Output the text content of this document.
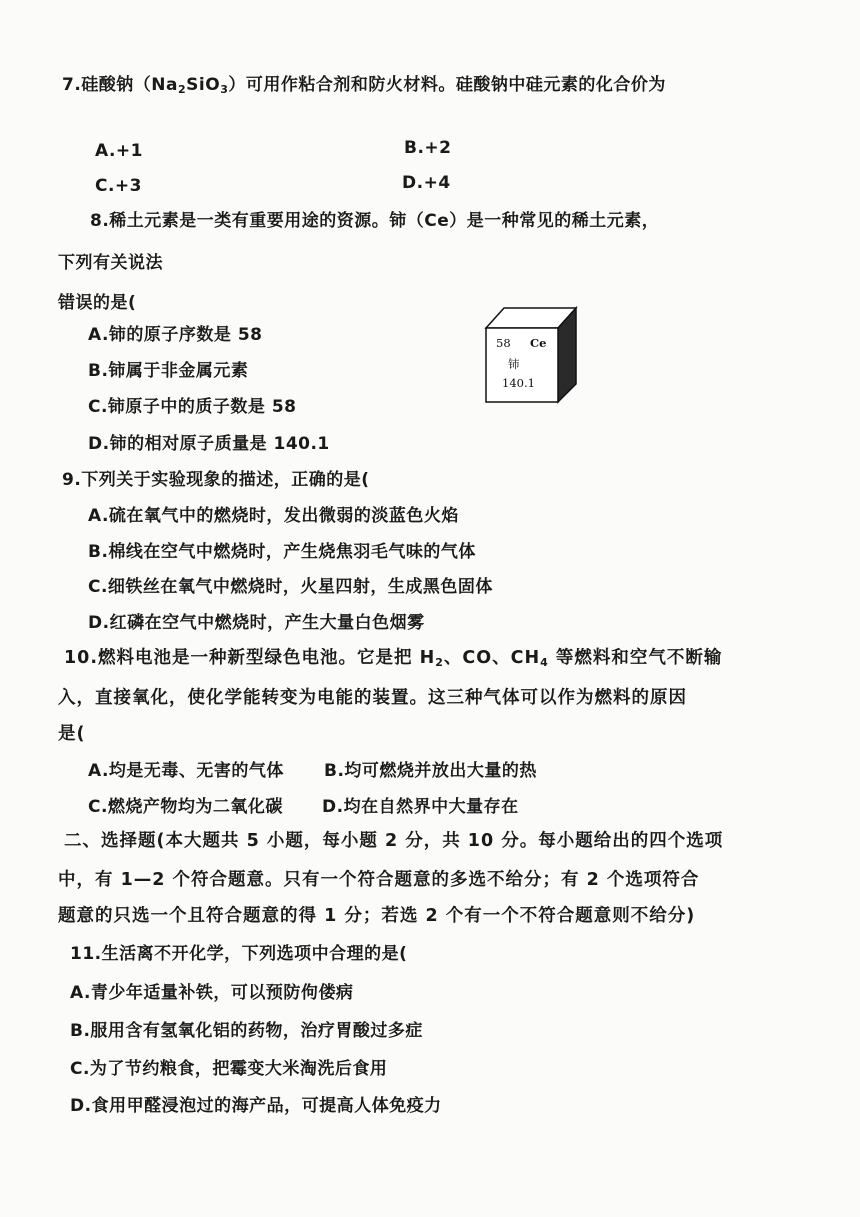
7.硅酸钠$(Na_2SiO_3)$可用作粘合剂和防火材料。硅酸钠中硅元素的化合价为
A.+1	B.+2
C.+3	D.+4
8.稀土元素是一类有重要用途的资源。铈（Ce）是一种常见的稀土元素，
下列有关说法
错误的是(
A.铈的原子序数是 58
B.铈属于非金属元素
C.铈原子中的质子数是 58
D.铈的相对原子质量是 140.1
58 Ce
铈
140.1
9.下列关于实验现象的描述，正确的是(
A.硫在氧气中的燃烧时，发出微弱的淡蓝色火焰
B.棉线在空气中燃烧时，产生烧焦羽毛气味的气体
C.细铁丝在氧气中燃烧时，火星四射，生成黑色固体
D.红磷在空气中燃烧时，产生大量白色烟雾
10.燃料电池是一种新型绿色电池。它是把 $H_2$、CO、$CH_4$ 等燃料和空气不断输
入，直接氧化，使化学能转变为电能的装置。这三种气体可以作为燃料的原因
是(
A.均是无毒、无害的气体 B.均可燃烧并放出大量的热
C.燃烧产物均为二氧化碳 D.均在自然界中大量存在
二、选择题(本大题共 5 小题，每小题 2 分，共 10 分。每小题给出的四个选项
中，有 1—2 个符合题意。只有一个符合题意的多选不给分；有 2 个选项符合
题意的只选一个且符合题意的得 1 分；若选 2 个有一个不符合题意则不给分)
11.生活离不开化学，下列选项中合理的是(
A.青少年适量补铁，可以预防佝偻病
B.服用含有氢氧化铝的药物，治疗胃酸过多症
C.为了节约粮食，把霉变大米淘洗后食用
D.食用甲醛浸泡过的海产品，可提高人体免疫力
